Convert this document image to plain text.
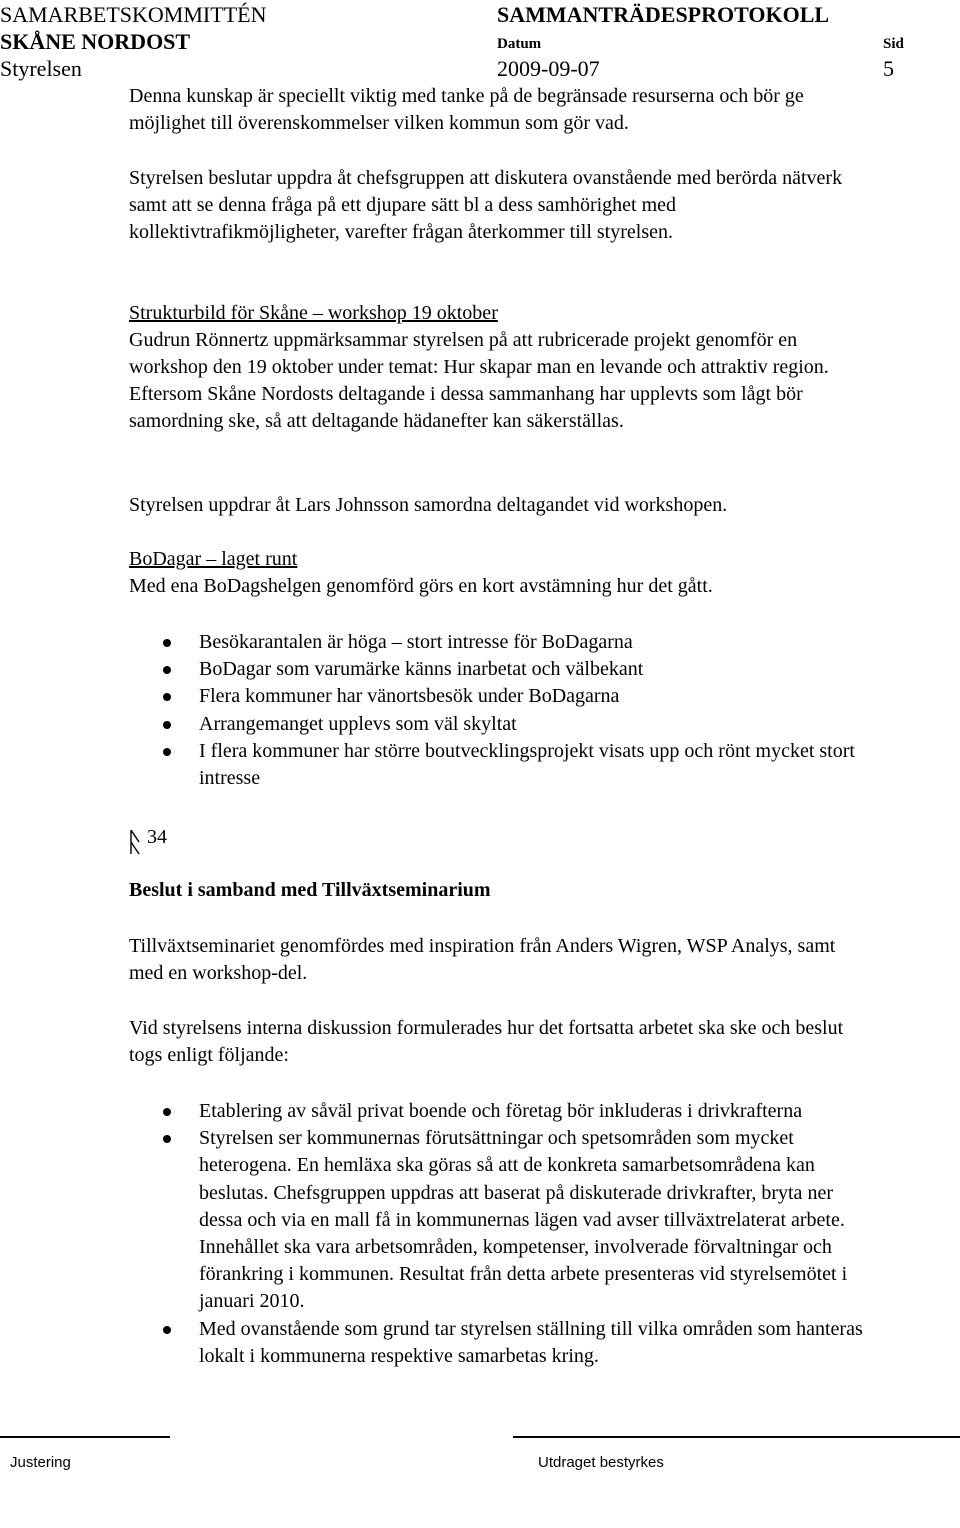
SAMARBETSKOMMITTÉN
SKÅNE NORDOST
Styrelsen
SAMMANTRÄDESPROTOKOLL
Datum
2009-09-07
Sid
5

Denna kunskap är speciellt viktig med tanke på de begränsade resurserna och bör ge möjlighet till överenskommelser vilken kommun som gör vad.

Styrelsen beslutar uppdra åt chefsgruppen att diskutera ovanstående med berörda nätverk samt att se denna fråga på ett djupare sätt bl a dess samhörighet med kollektivtrafikmöjligheter, varefter frågan återkommer till styrelsen.

Strukturbild för Skåne – workshop 19 oktober

Gudrun Rönnertz uppmärksammar styrelsen på att rubricerade projekt genomför en workshop den 19 oktober under temat: Hur skapar man en levande och attraktiv region. Eftersom Skåne Nordosts deltagande i dessa sammanhang har upplevts som lågt bör samordning ske, så att deltagande hädanefter kan säkerställas.

Styrelsen uppdrar åt Lars Johnsson samordna deltagandet vid workshopen.

BoDagar – laget runt

Med ena BoDagshelgen genomförd görs en kort avstämning hur det gått.

Besökarantalen är höga – stort intresse för BoDagarna
BoDagar som varumärke känns inarbetat och välbekant
Flera kommuner har vänortsbesök under BoDagarna
Arrangemanget upplevs som väl skyltat
I flera kommuner har större boutvecklingsprojekt visats upp och rönt mycket stort intresse
34
Beslut i samband med Tillväxtseminarium

Tillväxtseminariet genomfördes med inspiration från Anders Wigren, WSP Analys, samt med en workshop-del.

Vid styrelsens interna diskussion formulerades hur det fortsatta arbetet ska ske och beslut togs enligt följande:

Etablering av såväl privat boende och företag bör inkluderas i drivkrafterna
Styrelsen ser kommunernas förutsättningar och spetsområden som mycket heterogena. En hemläxa ska göras så att de konkreta samarbetsområdena kan beslutas. Chefsgruppen uppdras att baserat på diskuterade drivkrafter, bryta ner dessa och via en mall få in kommunernas lägen vad avser tillväxtrelaterat arbete. Innehållet ska vara arbetsområden, kompetenser, involverade förvaltningar och förankring i kommunen. Resultat från detta arbete presenteras vid styrelsemötet i januari 2010.
Med ovanstående som grund tar styrelsen ställning till vilka områden som hanteras lokalt i kommunerna respektive samarbetas kring.
Justering	Utdraget bestyrkes
